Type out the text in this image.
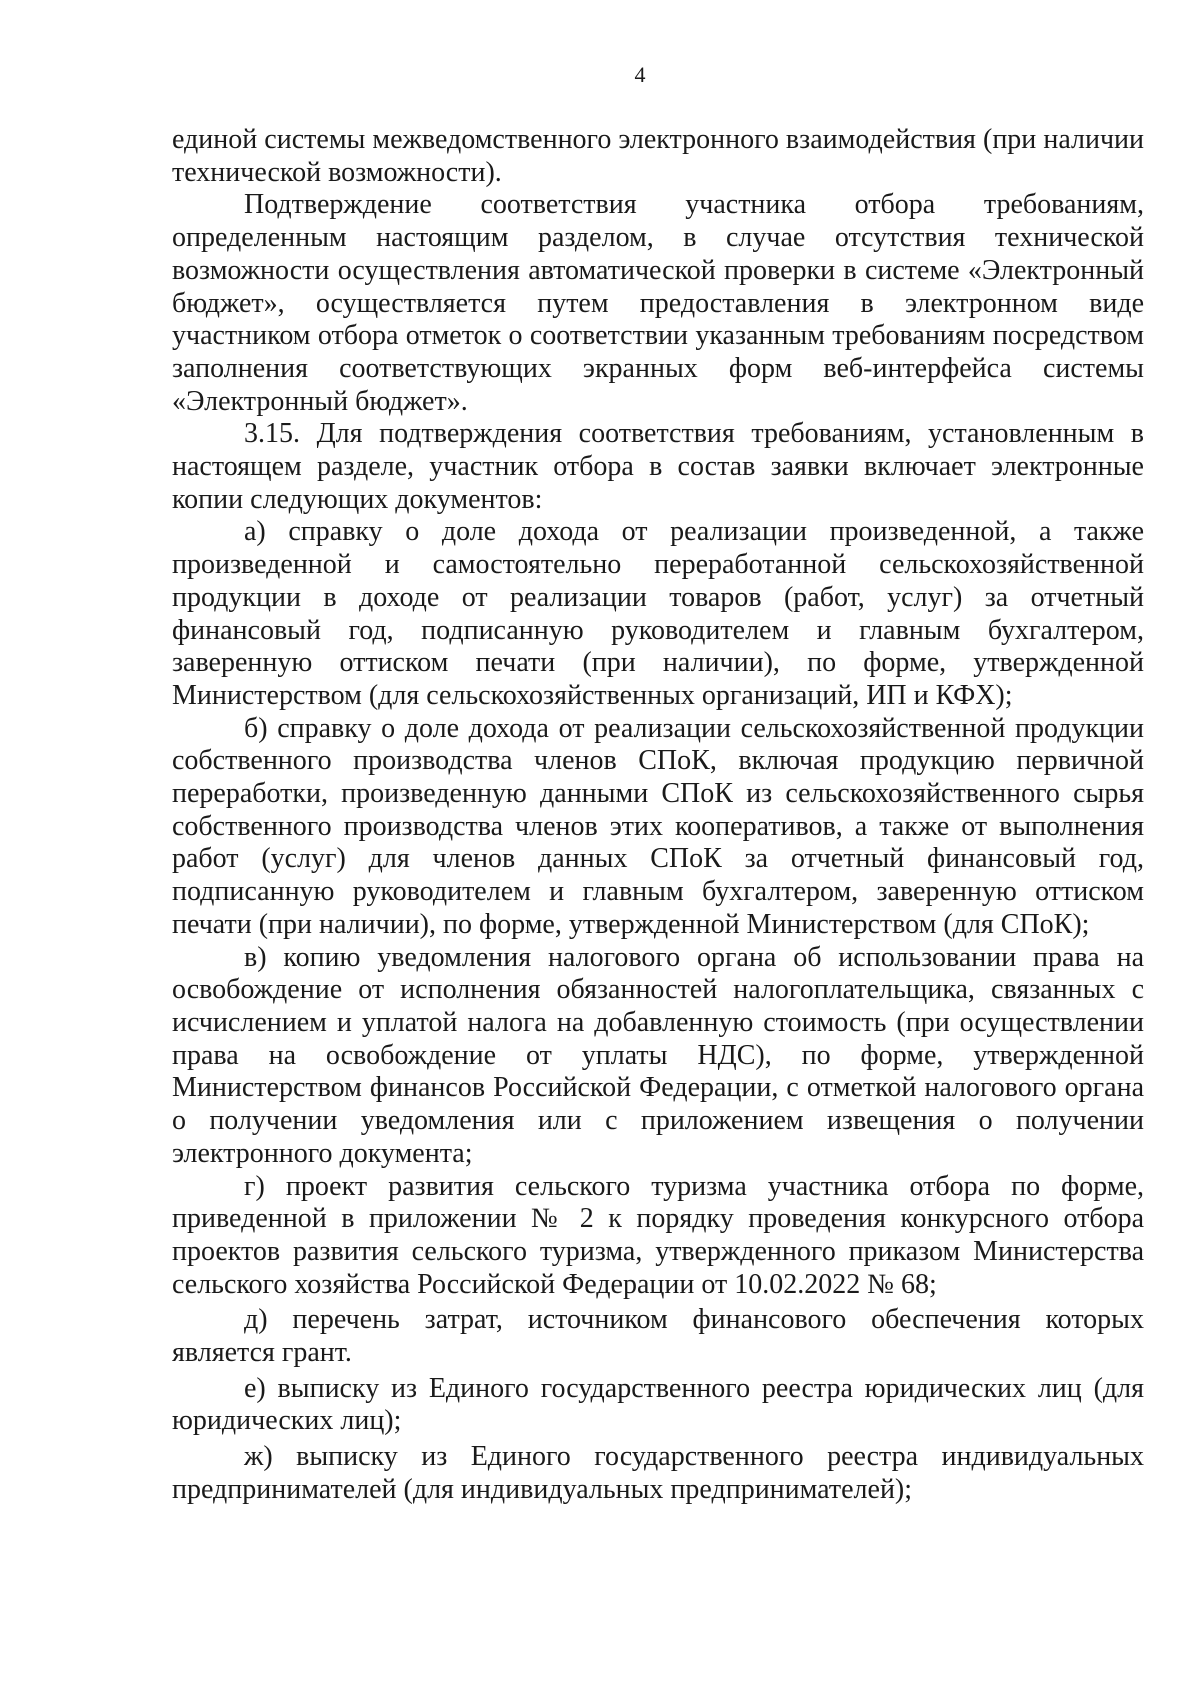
4

единой системы межведомственного электронного взаимодействия (при наличии технической возможности).

Подтверждение соответствия участника отбора требованиям, определенным настоящим разделом, в случае отсутствия технической возможности осуществления автоматической проверки в системе «Электронный бюджет», осуществляется путем предоставления в электронном виде участником отбора отметок о соответствии указанным требованиям посредством заполнения соответствующих экранных форм веб-интерфейса системы «Электронный бюджет».

3.15. Для подтверждения соответствия требованиям, установленным в настоящем разделе, участник отбора в состав заявки включает электронные копии следующих документов:

а) справку о доле дохода от реализации произведенной, а также произведенной и самостоятельно переработанной сельскохозяйственной продукции в доходе от реализации товаров (работ, услуг) за отчетный финансовый год, подписанную руководителем и главным бухгалтером, заверенную оттиском печати (при наличии), по форме, утвержденной Министерством (для сельскохозяйственных организаций, ИП и КФХ);

б) справку о доле дохода от реализации сельскохозяйственной продукции собственного производства членов СПоК, включая продукцию первичной переработки, произведенную данными СПоК из сельскохозяйственного сырья собственного производства членов этих кооперативов, а также от выполнения работ (услуг) для членов данных СПоК за отчетный финансовый год, подписанную руководителем и главным бухгалтером, заверенную оттиском печати (при наличии), по форме, утвержденной Министерством (для СПоК);

в) копию уведомления налогового органа об использовании права на освобождение от исполнения обязанностей налогоплательщика, связанных с исчислением и уплатой налога на добавленную стоимость (при осуществлении права на освобождение от уплаты НДС), по форме, утвержденной Министерством финансов Российской Федерации, с отметкой налогового органа о получении уведомления или с приложением извещения о получении электронного документа;

г) проект развития сельского туризма участника отбора по форме, приведенной в приложении № 2 к порядку проведения конкурсного отбора проектов развития сельского туризма, утвержденного приказом Министерства сельского хозяйства Российской Федерации от 10.02.2022 № 68;

д) перечень затрат, источником финансового обеспечения которых является грант.

е) выписку из Единого государственного реестра юридических лиц (для юридических лиц);

ж) выписку из Единого государственного реестра индивидуальных предпринимателей (для индивидуальных предпринимателей);
